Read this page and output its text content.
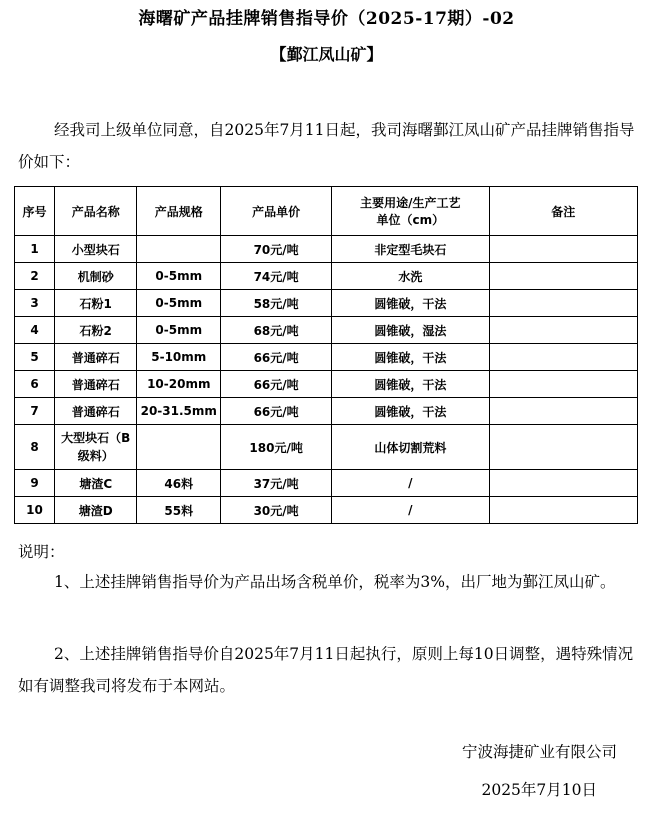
海曙矿产品挂牌销售指导价（2025-17期）-02
【鄞江凤山矿】
经我司上级单位同意，自2025年7月11日起，我司海曙鄞江凤山矿产品挂牌销售指导价如下：
序号	产品名称	产品规格	产品单价	主要用途/生产工艺
单位（cm）	备注
1	小型块石		70元/吨	非定型毛块石	
2	机制砂	0-5mm	74元/吨	水洗	
3	石粉1	0-5mm	58元/吨	圆锥破，干法	
4	石粉2	0-5mm	68元/吨	圆锥破，湿法	
5	普通碎石	5-10mm	66元/吨	圆锥破，干法	
6	普通碎石	10-20mm	66元/吨	圆锥破，干法	
7	普通碎石	20-31.5mm	66元/吨	圆锥破，干法	
8	大型块石（B级料）		180元/吨	山体切割荒料	
9	塘渣C	46料	37元/吨	/	
10	塘渣D	55料	30元/吨	/	
说明：
1、上述挂牌销售指导价为产品出场含税单价，税率为3%，出厂地为鄞江凤山矿。
2、上述挂牌销售指导价自2025年7月11日起执行，原则上每10日调整，遇特殊情况如有调整我司将发布于本网站。
宁波海捷矿业有限公司
2025年7月10日
